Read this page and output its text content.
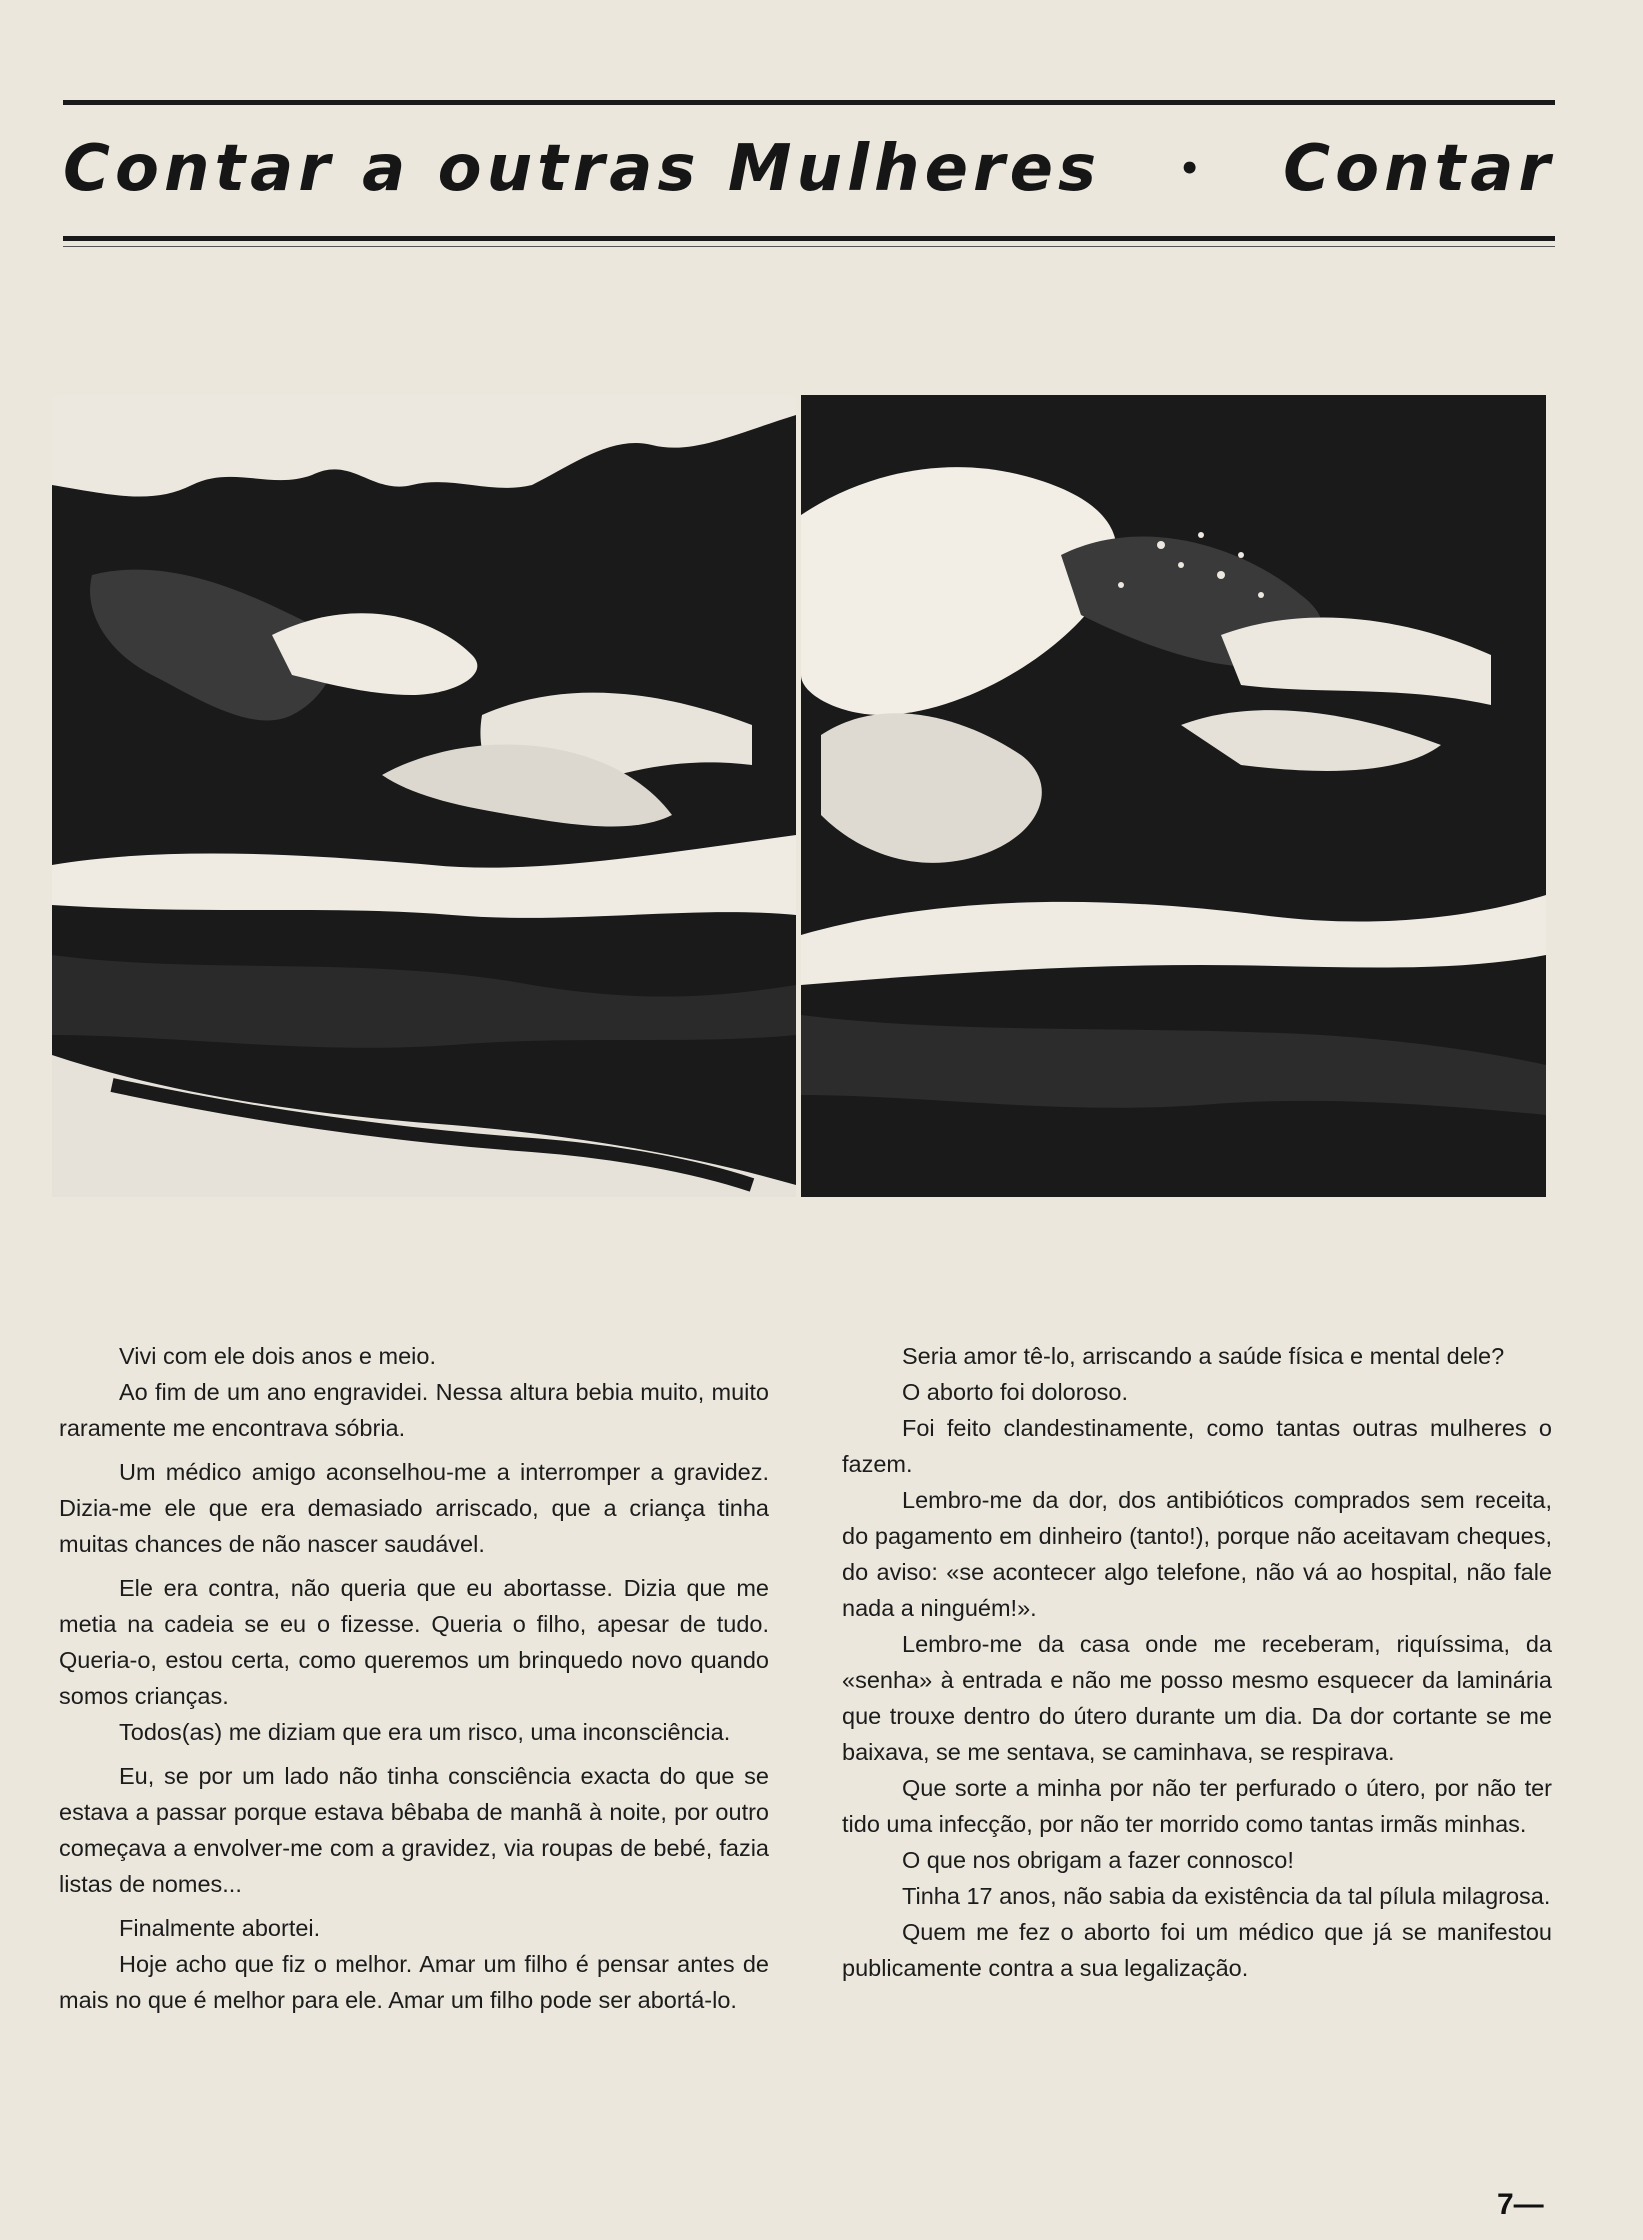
Contar a outras Mulheres • Contar

Vivi com ele dois anos e meio.

Ao fim de um ano engravidei. Nessa altura bebia muito, muito raramente me encontrava sóbria.

Um médico amigo aconselhou-me a interromper a gravidez. Dizia-me ele que era demasiado arriscado, que a criança tinha muitas chances de não nascer saudável.

Ele era contra, não queria que eu abortasse. Dizia que me metia na cadeia se eu o fizesse. Queria o filho, apesar de tudo. Queria-o, estou certa, como queremos um brinquedo novo quando somos crianças.

Todos(as) me diziam que era um risco, uma inconsciência.

Eu, se por um lado não tinha consciência exacta do que se estava a passar porque estava bêbaba de manhã à noite, por outro começava a envolver-me com a gravidez, via roupas de bebé, fazia listas de nomes...

Finalmente abortei.

Hoje acho que fiz o melhor. Amar um filho é pensar antes de mais no que é melhor para ele. Amar um filho pode ser abortá-lo.

Seria amor tê-lo, arriscando a saúde física e mental dele?

O aborto foi doloroso.

Foi feito clandestinamente, como tantas outras mulheres o fazem.

Lembro-me da dor, dos antibióticos comprados sem receita, do pagamento em dinheiro (tanto!), porque não aceitavam cheques, do aviso: «se acontecer algo telefone, não vá ao hospital, não fale nada a ninguém!».

Lembro-me da casa onde me receberam, riquíssima, da «senha» à entrada e não me posso mesmo esquecer da laminária que trouxe dentro do útero durante um dia. Da dor cortante se me baixava, se me sentava, se caminhava, se respirava.

Que sorte a minha por não ter perfurado o útero, por não ter tido uma infecção, por não ter morrido como tantas irmãs minhas.

O que nos obrigam a fazer connosco!

Tinha 17 anos, não sabia da existência da tal pílula milagrosa.

Quem me fez o aborto foi um médico que já se manifestou publicamente contra a sua legalização.

7—
